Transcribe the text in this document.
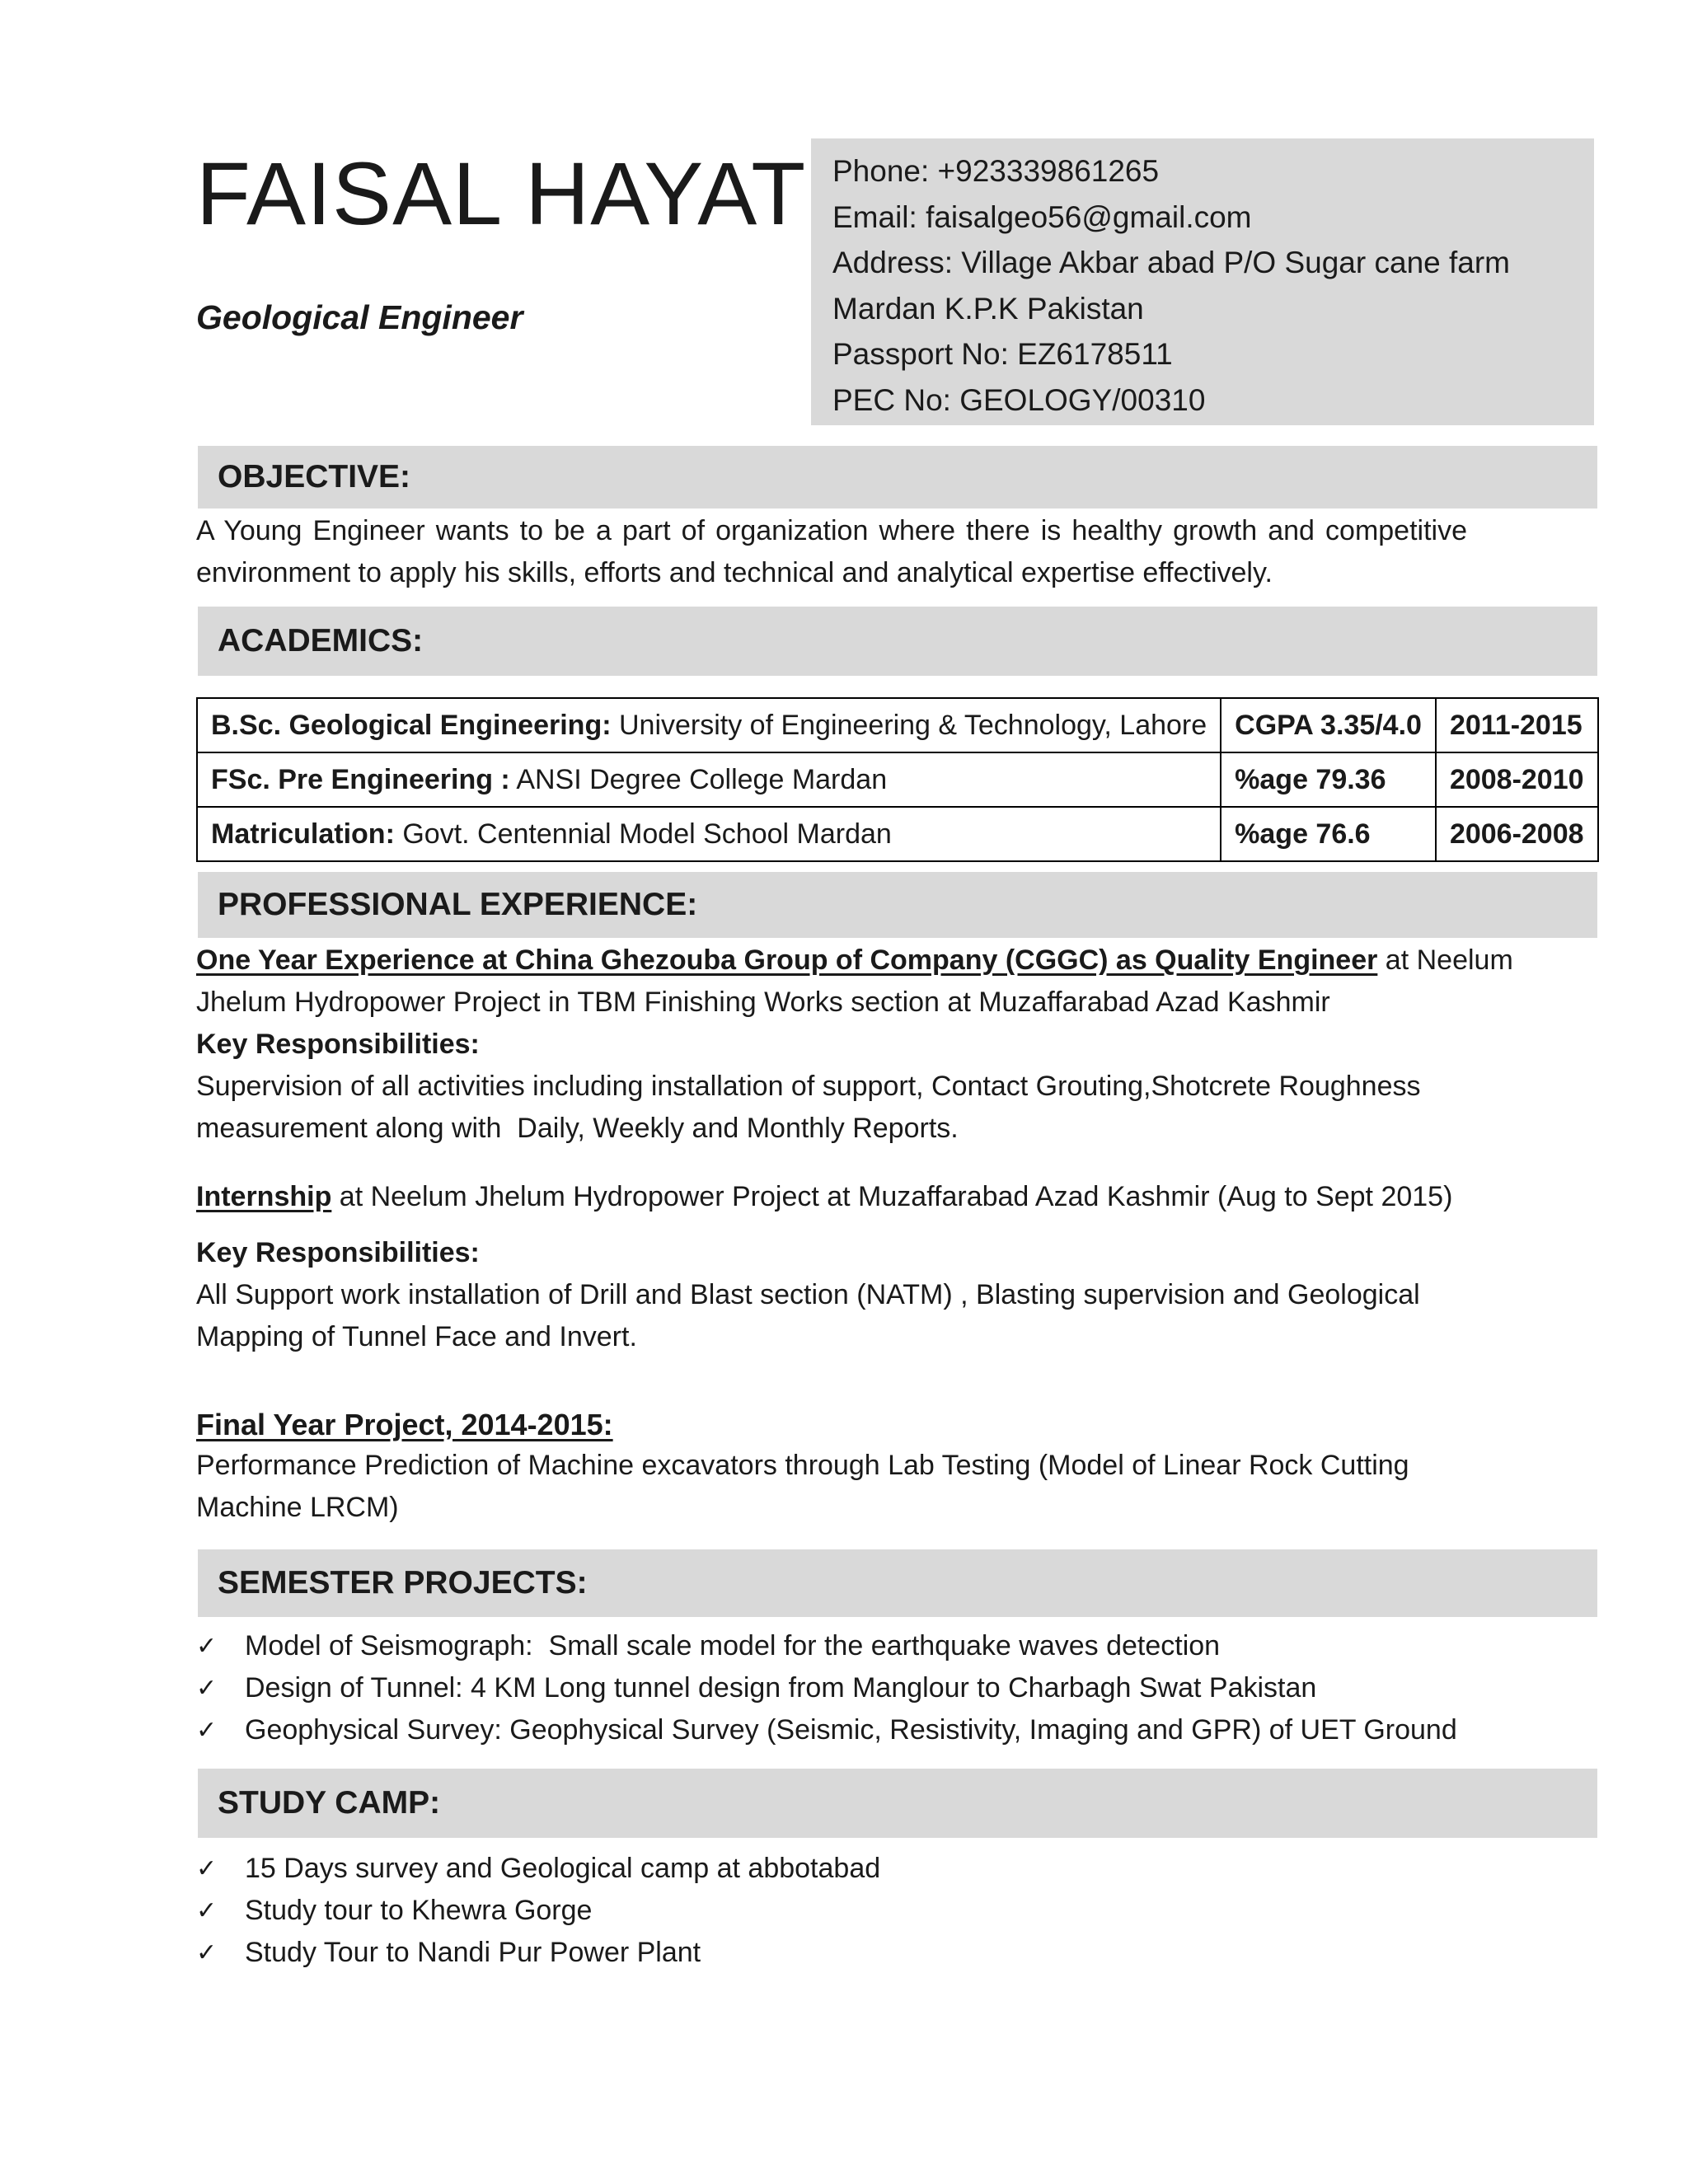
FAISAL HAYAT
Geological Engineer
Phone: +923339861265
Email: faisalgeo56@gmail.com
Address: Village Akbar abad P/O Sugar cane farm
Mardan K.P.K Pakistan
Passport No: EZ6178511
PEC No: GEOLOGY/00310
OBJECTIVE:
A Young Engineer wants to be a part of organization where there is healthy growth and competitive environment to apply his skills, efforts and technical and analytical expertise effectively.
ACADEMICS:
B.Sc. Geological Engineering: University of Engineering & Technology, Lahore	CGPA 3.35/4.0	2011-2015
FSc. Pre Engineering : ANSI Degree College Mardan	%age 79.36	2008-2010
Matriculation: Govt. Centennial Model School Mardan	%age 76.6	2006-2008
PROFESSIONAL EXPERIENCE:
One Year Experience at China Ghezouba Group of Company (CGGC) as Quality Engineer at Neelum
Jhelum Hydropower Project in TBM Finishing Works section at Muzaffarabad Azad Kashmir
Key Responsibilities:
Supervision of all activities including installation of support, Contact Grouting,Shotcrete Roughness
measurement along with  Daily, Weekly and Monthly Reports.
Internship at Neelum Jhelum Hydropower Project at Muzaffarabad Azad Kashmir (Aug to Sept 2015)
Key Responsibilities:
All Support work installation of Drill and Blast section (NATM) , Blasting supervision and Geological
Mapping of Tunnel Face and Invert.
Final Year Project, 2014-2015:
Performance Prediction of Machine excavators through Lab Testing (Model of Linear Rock Cutting
Machine LRCM)
SEMESTER PROJECTS:
✓ Model of Seismograph:  Small scale model for the earthquake waves detection
✓ Design of Tunnel: 4 KM Long tunnel design from Manglour to Charbagh Swat Pakistan
✓ Geophysical Survey: Geophysical Survey (Seismic, Resistivity, Imaging and GPR) of UET Ground
STUDY CAMP:
✓ 15 Days survey and Geological camp at abbotabad
✓ Study tour to Khewra Gorge
✓ Study Tour to Nandi Pur Power Plant
